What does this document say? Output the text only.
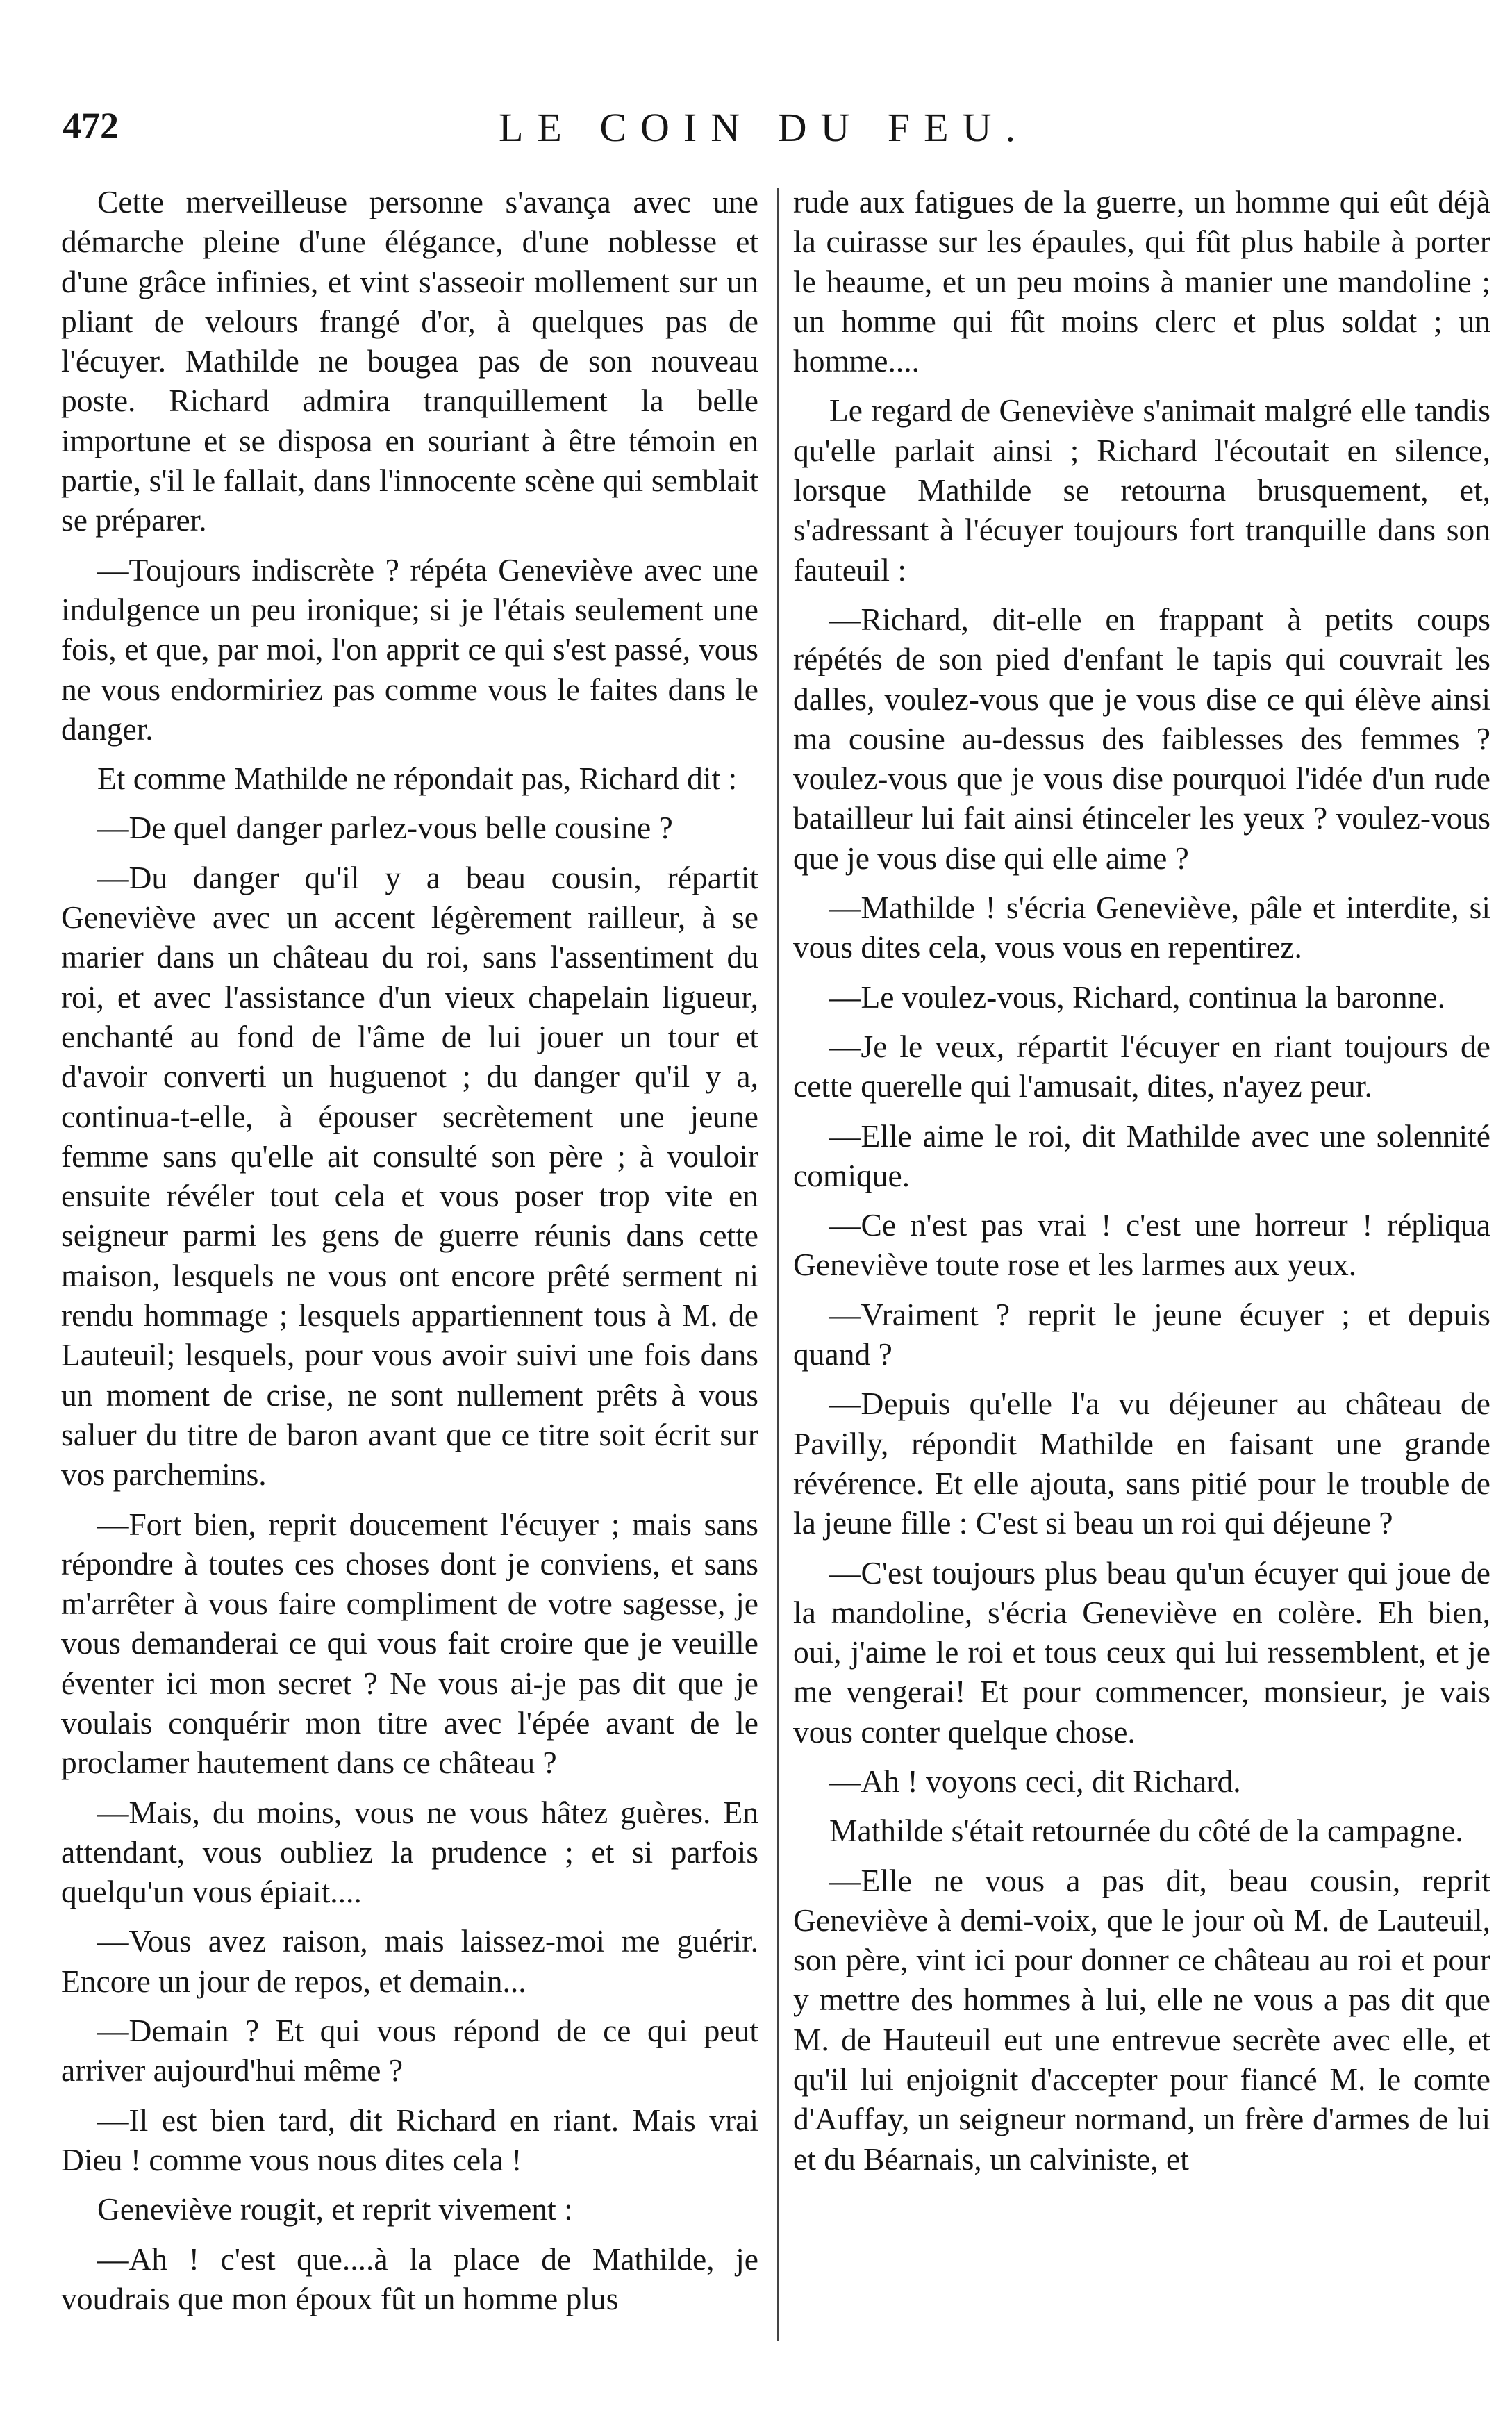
472	LE COIN DU FEU.

Cette merveilleuse personne s'avança avec une démarche pleine d'une élégance, d'une noblesse et d'une grâce infinies, et vint s'asseoir mollement sur un pliant de velours frangé d'or, à quelques pas de l'écuyer. Mathilde ne bougea pas de son nouveau poste. Richard admira tranquillement la belle importune et se disposa en souriant à être témoin en partie, s'il le fallait, dans l'innocente scène qui semblait se préparer.

—Toujours indiscrète ? répéta Geneviève avec une indulgence un peu ironique; si je l'étais seulement une fois, et que, par moi, l'on apprit ce qui s'est passé, vous ne vous endormiriez pas comme vous le faites dans le danger.

Et comme Mathilde ne répondait pas, Richard dit :

—De quel danger parlez-vous belle cousine ?

—Du danger qu'il y a beau cousin, répartit Geneviève avec un accent légèrement railleur, à se marier dans un château du roi, sans l'assentiment du roi, et avec l'assistance d'un vieux chapelain ligueur, enchanté au fond de l'âme de lui jouer un tour et d'avoir converti un huguenot ; du danger qu'il y a, continua-t-elle, à épouser secrètement une jeune femme sans qu'elle ait consulté son père ; à vouloir ensuite révéler tout cela et vous poser trop vite en seigneur parmi les gens de guerre réunis dans cette maison, lesquels ne vous ont encore prêté serment ni rendu hommage ; lesquels appartiennent tous à M. de Lauteuil; lesquels, pour vous avoir suivi une fois dans un moment de crise, ne sont nullement prêts à vous saluer du titre de baron avant que ce titre soit écrit sur vos parchemins.

—Fort bien, reprit doucement l'écuyer ; mais sans répondre à toutes ces choses dont je conviens, et sans m'arrêter à vous faire compliment de votre sagesse, je vous demanderai ce qui vous fait croire que je veuille éventer ici mon secret ? Ne vous ai-je pas dit que je voulais conquérir mon titre avec l'épée avant de le proclamer hautement dans ce château ?

—Mais, du moins, vous ne vous hâtez guères. En attendant, vous oubliez la prudence ; et si parfois quelqu'un vous épiait....

—Vous avez raison, mais laissez-moi me guérir. Encore un jour de repos, et demain...

—Demain ? Et qui vous répond de ce qui peut arriver aujourd'hui même ?

—Il est bien tard, dit Richard en riant. Mais vrai Dieu ! comme vous nous dites cela !

Geneviève rougit, et reprit vivement :

—Ah ! c'est que....à la place de Mathilde, je voudrais que mon époux fût un homme plus

rude aux fatigues de la guerre, un homme qui eût déjà la cuirasse sur les épaules, qui fût plus habile à porter le heaume, et un peu moins à manier une mandoline ; un homme qui fût moins clerc et plus soldat ; un homme....

Le regard de Geneviève s'animait malgré elle tandis qu'elle parlait ainsi ; Richard l'écoutait en silence, lorsque Mathilde se retourna brusquement, et, s'adressant à l'écuyer toujours fort tranquille dans son fauteuil :

—Richard, dit-elle en frappant à petits coups répétés de son pied d'enfant le tapis qui couvrait les dalles, voulez-vous que je vous dise ce qui élève ainsi ma cousine au-dessus des faiblesses des femmes ? voulez-vous que je vous dise pourquoi l'idée d'un rude batailleur lui fait ainsi étinceler les yeux ? voulez-vous que je vous dise qui elle aime ?

—Mathilde ! s'écria Geneviève, pâle et interdite, si vous dites cela, vous vous en repentirez.

—Le voulez-vous, Richard, continua la baronne.

—Je le veux, répartit l'écuyer en riant toujours de cette querelle qui l'amusait, dites, n'ayez peur.

—Elle aime le roi, dit Mathilde avec une solennité comique.

—Ce n'est pas vrai ! c'est une horreur ! répliqua Geneviève toute rose et les larmes aux yeux.

—Vraiment ? reprit le jeune écuyer ; et depuis quand ?

—Depuis qu'elle l'a vu déjeuner au château de Pavilly, répondit Mathilde en faisant une grande révérence. Et elle ajouta, sans pitié pour le trouble de la jeune fille : C'est si beau un roi qui déjeune ?

—C'est toujours plus beau qu'un écuyer qui joue de la mandoline, s'écria Geneviève en colère. Eh bien, oui, j'aime le roi et tous ceux qui lui ressemblent, et je me vengerai! Et pour commencer, monsieur, je vais vous conter quelque chose.

—Ah ! voyons ceci, dit Richard.

Mathilde s'était retournée du côté de la campagne.

—Elle ne vous a pas dit, beau cousin, reprit Geneviève à demi-voix, que le jour où M. de Lauteuil, son père, vint ici pour donner ce château au roi et pour y mettre des hommes à lui, elle ne vous a pas dit que M. de Hauteuil eut une entrevue secrète avec elle, et qu'il lui enjoignit d'accepter pour fiancé M. le comte d'Auffay, un seigneur normand, un frère d'armes de lui et du Béarnais, un calviniste, et
